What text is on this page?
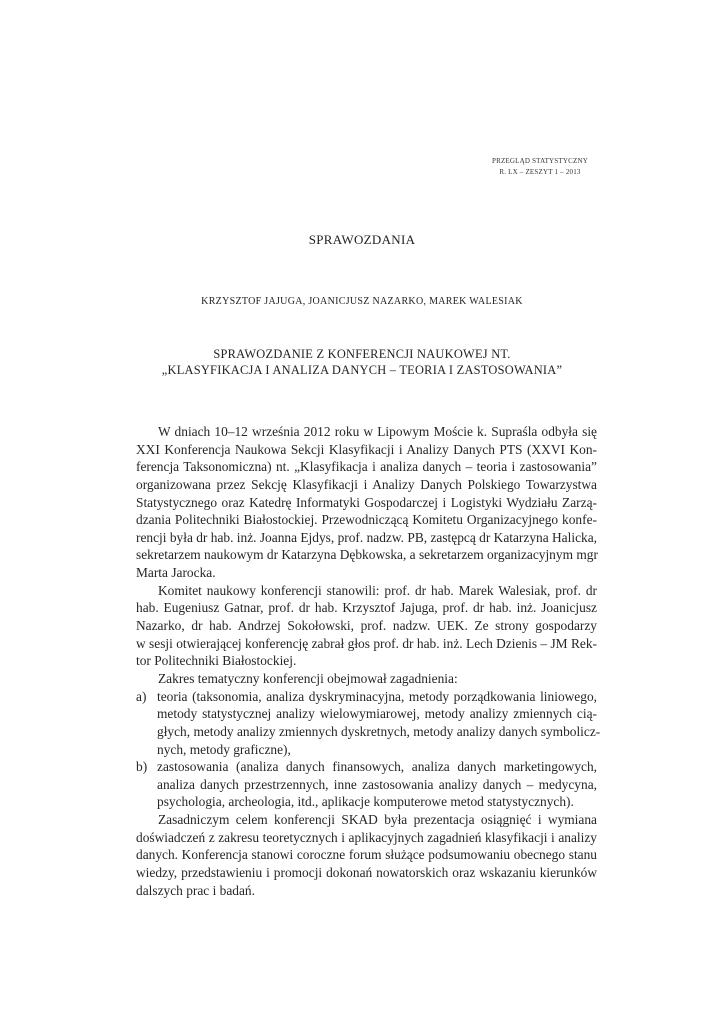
PRZEGLĄD STATYSTYCZNY
R. LX – ZESZYT 1 – 2013
SPRAWOZDANIA
KRZYSZTOF JAJUGA, JOANICJUSZ NAZARKO, MAREK WALESIAK
SPRAWOZDANIE Z KONFERENCJI NAUKOWEJ NT.
„KLASYFIKACJA I ANALIZA DANYCH – TEORIA I ZASTOSOWANIA”

W dniach 10–12 września 2012 roku w Lipowym Moście k. Supraśla odbyła się
XXI Konferencja Naukowa Sekcji Klasyfikacji i Analizy Danych PTS (XXVI Kon-
ferencja Taksonomiczna) nt. „Klasyfikacja i analiza danych – teoria i zastosowania”
organizowana przez Sekcję Klasyfikacji i Analizy Danych Polskiego Towarzystwa
Statystycznego oraz Katedrę Informatyki Gospodarczej i Logistyki Wydziału Zarzą-
dzania Politechniki Białostockiej. Przewodniczącą Komitetu Organizacyjnego konfe-
rencji była dr hab. inż. Joanna Ejdys, prof. nadzw. PB, zastępcą dr Katarzyna Halicka,
sekretarzem naukowym dr Katarzyna Dębkowska, a sekretarzem organizacyjnym mgr
Marta Jarocka.

Komitet naukowy konferencji stanowili: prof. dr hab. Marek Walesiak, prof. dr
hab. Eugeniusz Gatnar, prof. dr hab. Krzysztof Jajuga, prof. dr hab. inż. Joanicjusz
Nazarko, dr hab. Andrzej Sokołowski, prof. nadzw. UEK. Ze strony gospodarzy
w sesji otwierającej konferencję zabrał głos prof. dr hab. inż. Lech Dzienis – JM Rek-
tor Politechniki Białostockiej.

Zakres tematyczny konferencji obejmował zagadnienia:

a) teoria (taksonomia, analiza dyskryminacyjna, metody porządkowania liniowego,
metody statystycznej analizy wielowymiarowej, metody analizy zmiennych cią-
głych, metody analizy zmiennych dyskretnych, metody analizy danych symbolicz-
nych, metody graficzne),
b) zastosowania (analiza danych finansowych, analiza danych marketingowych,
analiza danych przestrzennych, inne zastosowania analizy danych – medycyna,
psychologia, archeologia, itd., aplikacje komputerowe metod statystycznych).

Zasadniczym celem konferencji SKAD była prezentacja osiągnięć i wymiana
doświadczeń z zakresu teoretycznych i aplikacyjnych zagadnień klasyfikacji i analizy
danych. Konferencja stanowi coroczne forum służące podsumowaniu obecnego stanu
wiedzy, przedstawieniu i promocji dokonań nowatorskich oraz wskazaniu kierunków
dalszych prac i badań.
